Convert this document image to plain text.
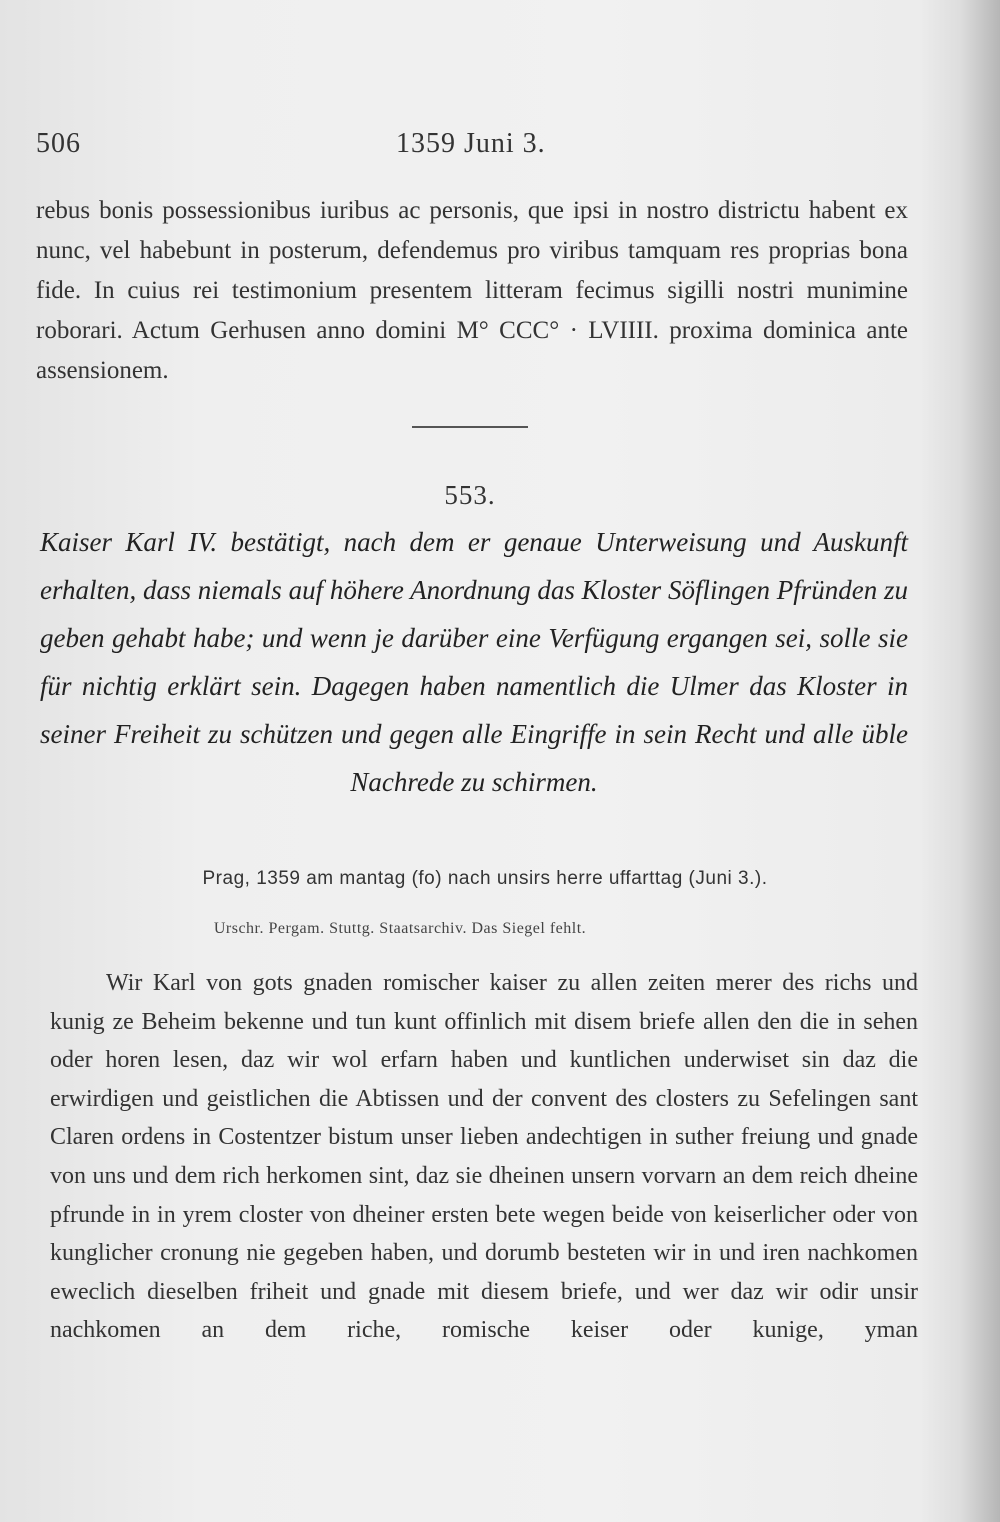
506	1359 Juni 3.
rebus bonis possessionibus iuribus ac personis, que ipsi in nostro districtu habent ex nunc, vel habebunt in posterum, defendemus pro viribus tamquam res proprias bona fide. In cuius rei testimonium presentem litteram fecimus sigilli nostri munimine roborari. Actum Gerhusen anno domini M° CCC° · LVIIII. proxima dominica ante assensionem.
553.
Kaiser Karl IV. bestätigt, nach dem er genaue Unterweisung und Auskunft erhalten, dass niemals auf höhere Anordnung das Kloster Söflingen Pfründen zu geben gehabt habe; und wenn je darüber eine Verfügung ergangen sei, solle sie für nichtig erklärt sein. Dagegen haben namentlich die Ulmer das Kloster in seiner Freiheit zu schützen und gegen alle Eingriffe in sein Recht und alle üble Nachrede zu schirmen.
Prag, 1359 am mantag (fo) nach unsirs herre uffarttag (Juni 3.).
Urschr. Pergam. Stuttg. Staatsarchiv. Das Siegel fehlt.
Wir Karl von gots gnaden romischer kaiser zu allen zeiten merer des richs und kunig ze Beheim bekenne und tun kunt offinlich mit disem briefe allen den die in sehen oder horen lesen, daz wir wol erfarn haben und kuntlichen underwiset sin daz die erwirdigen und geistlichen die Abtissen und der convent des closters zu Sefelingen sant Claren ordens in Costentzer bistum unser lieben andechtigen in suther freiung und gnade von uns und dem rich herkomen sint, daz sie dheinen unsern vorvarn an dem reich dheine pfrunde in in yrem closter von dheiner ersten bete wegen beide von keiserlicher oder von kunglicher cronung nie gegeben haben, und dorumb besteten wir in und iren nachkomen eweclich dieselben friheit und gnade mit diesem briefe, und wer daz wir odir unsir nachkomen an dem riche, romische keiser oder kunige, yman
